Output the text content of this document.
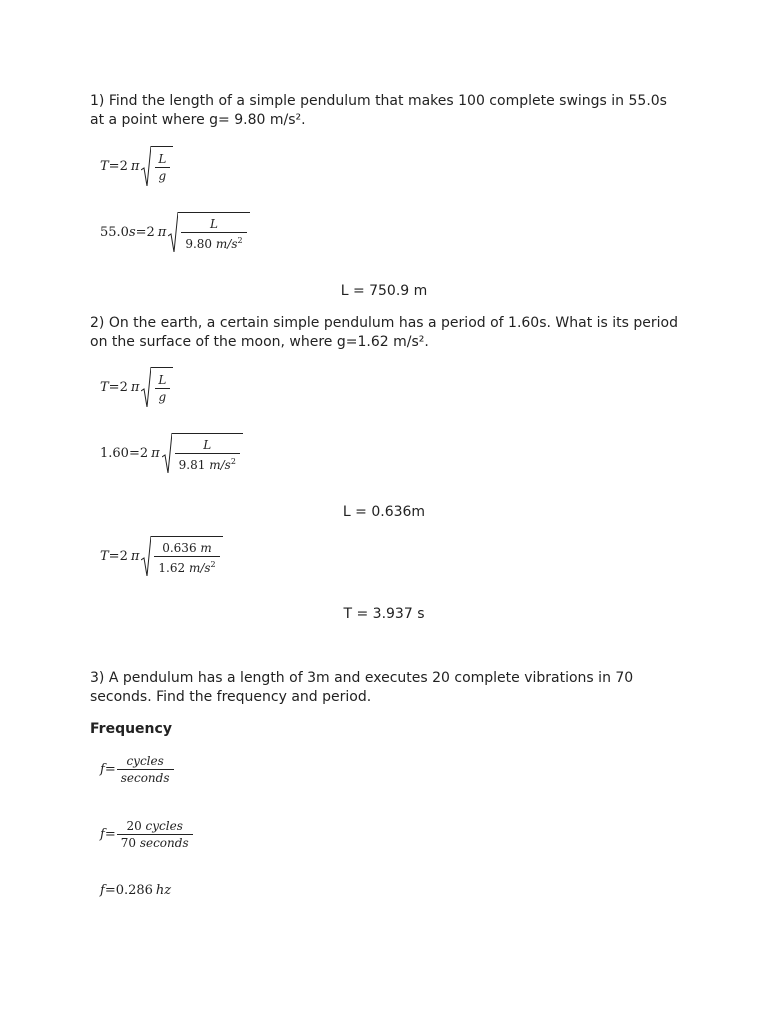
1) Find the length of a simple pendulum that makes 100 complete swings in 55.0s
at a point where g= 9.80 m/s².
T =2 π $\frac{L}{g}$
55.0 s =2 π $\frac{L}{9.80 m/s^2}$
L = 750.9 m
2) On the earth, a certain simple pendulum has a period of 1.60s. What is its period
on the surface of the moon, where g=1.62 m/s².
T =2 π $\frac{L}{g}$
1.60 =2 π $\frac{L}{9.81 m/s^2}$
L = 0.636m
T =2 π $\frac{0.636 m}{1.62 m/s^2}$
T = 3.937 s
3) A pendulum has a length of 3m and executes 20 complete vibrations in 70
seconds. Find the frequency and period.
Frequency
$f = \frac{\text{cycles}}{\text{seconds}}$
$f = \frac{\text{20 cycles}}{\text{70 seconds}}$
f =0.286 hz
